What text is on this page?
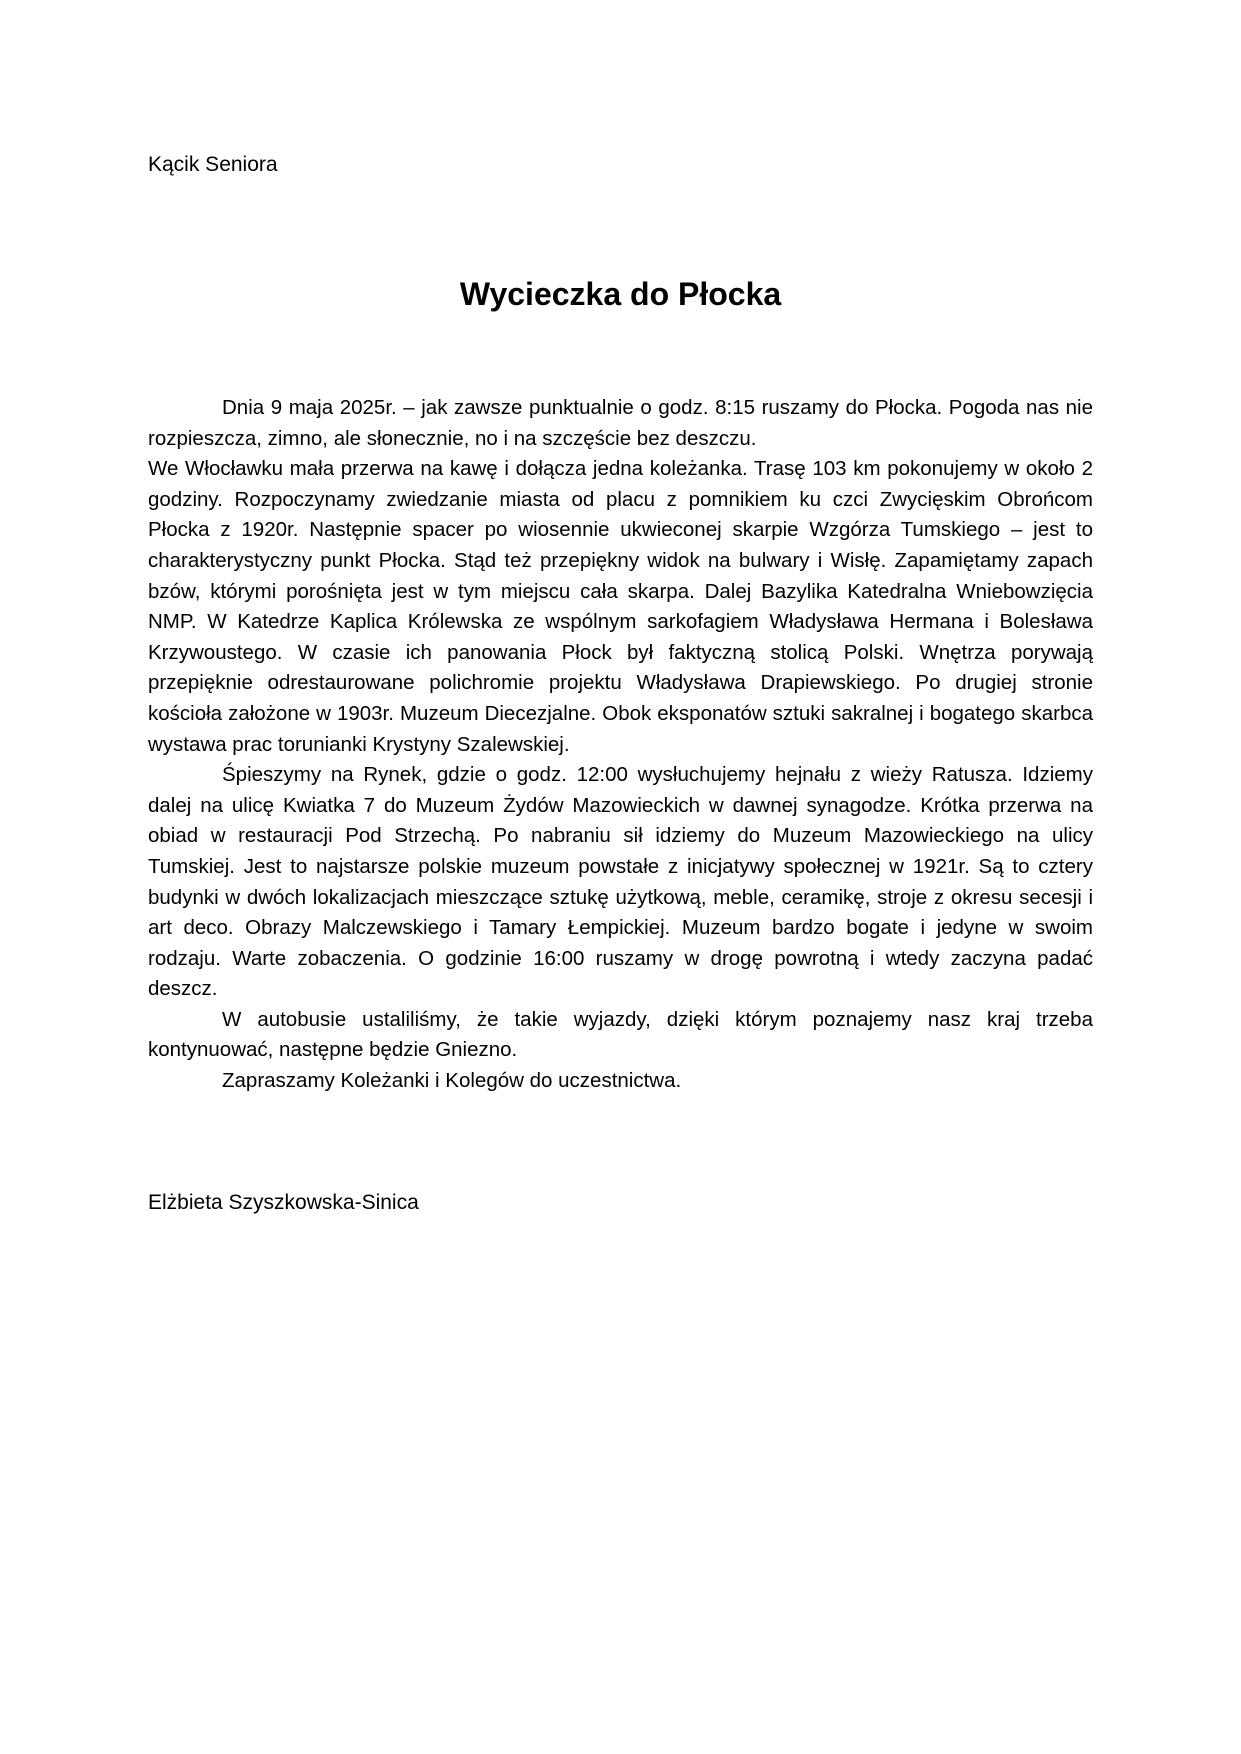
Kącik Seniora
Wycieczka do Płocka

Dnia 9 maja 2025r. – jak zawsze punktualnie o godz. 8:15 ruszamy do Płocka. Pogoda nas nie rozpieszcza, zimno, ale słonecznie, no i na szczęście bez deszczu.

We Włocławku mała przerwa na kawę i dołącza jedna koleżanka. Trasę 103 km pokonujemy w około 2 godziny. Rozpoczynamy zwiedzanie miasta od placu z pomnikiem ku czci Zwycięskim Obrońcom Płocka z 1920r. Następnie spacer po wiosennie ukwieconej skarpie Wzgórza Tumskiego – jest to charakterystyczny punkt Płocka. Stąd też przepiękny widok na bulwary i Wisłę. Zapamiętamy zapach bzów, którymi porośnięta jest w tym miejscu cała skarpa. Dalej Bazylika Katedralna Wniebowzięcia NMP. W Katedrze Kaplica Królewska ze wspólnym sarkofagiem Władysława Hermana i Bolesława Krzywoustego. W czasie ich panowania Płock był faktyczną stolicą Polski. Wnętrza porywają przepięknie odrestaurowane polichromie projektu Władysława Drapiewskiego. Po drugiej stronie kościoła założone w 1903r. Muzeum Diecezjalne. Obok eksponatów sztuki sakralnej i bogatego skarbca wystawa prac torunianki Krystyny Szalewskiej.

Śpieszymy na Rynek, gdzie o godz. 12:00 wysłuchujemy hejnału z wieży Ratusza. Idziemy dalej na ulicę Kwiatka 7 do Muzeum Żydów Mazowieckich w dawnej synagodze. Krótka przerwa na obiad w restauracji Pod Strzechą. Po nabraniu sił idziemy do Muzeum Mazowieckiego na ulicy Tumskiej. Jest to najstarsze polskie muzeum powstałe z inicjatywy społecznej w 1921r. Są to cztery budynki w dwóch lokalizacjach mieszczące sztukę użytkową, meble, ceramikę, stroje z okresu secesji i art deco. Obrazy Malczewskiego i Tamary Łempickiej. Muzeum bardzo bogate i jedyne w swoim rodzaju. Warte zobaczenia. O godzinie 16:00 ruszamy w drogę powrotną i wtedy zaczyna padać deszcz.

W autobusie ustaliliśmy, że takie wyjazdy, dzięki którym poznajemy nasz kraj trzeba kontynuować, następne będzie Gniezno.

Zapraszamy Koleżanki i Kolegów do uczestnictwa.

Elżbieta Szyszkowska-Sinica
